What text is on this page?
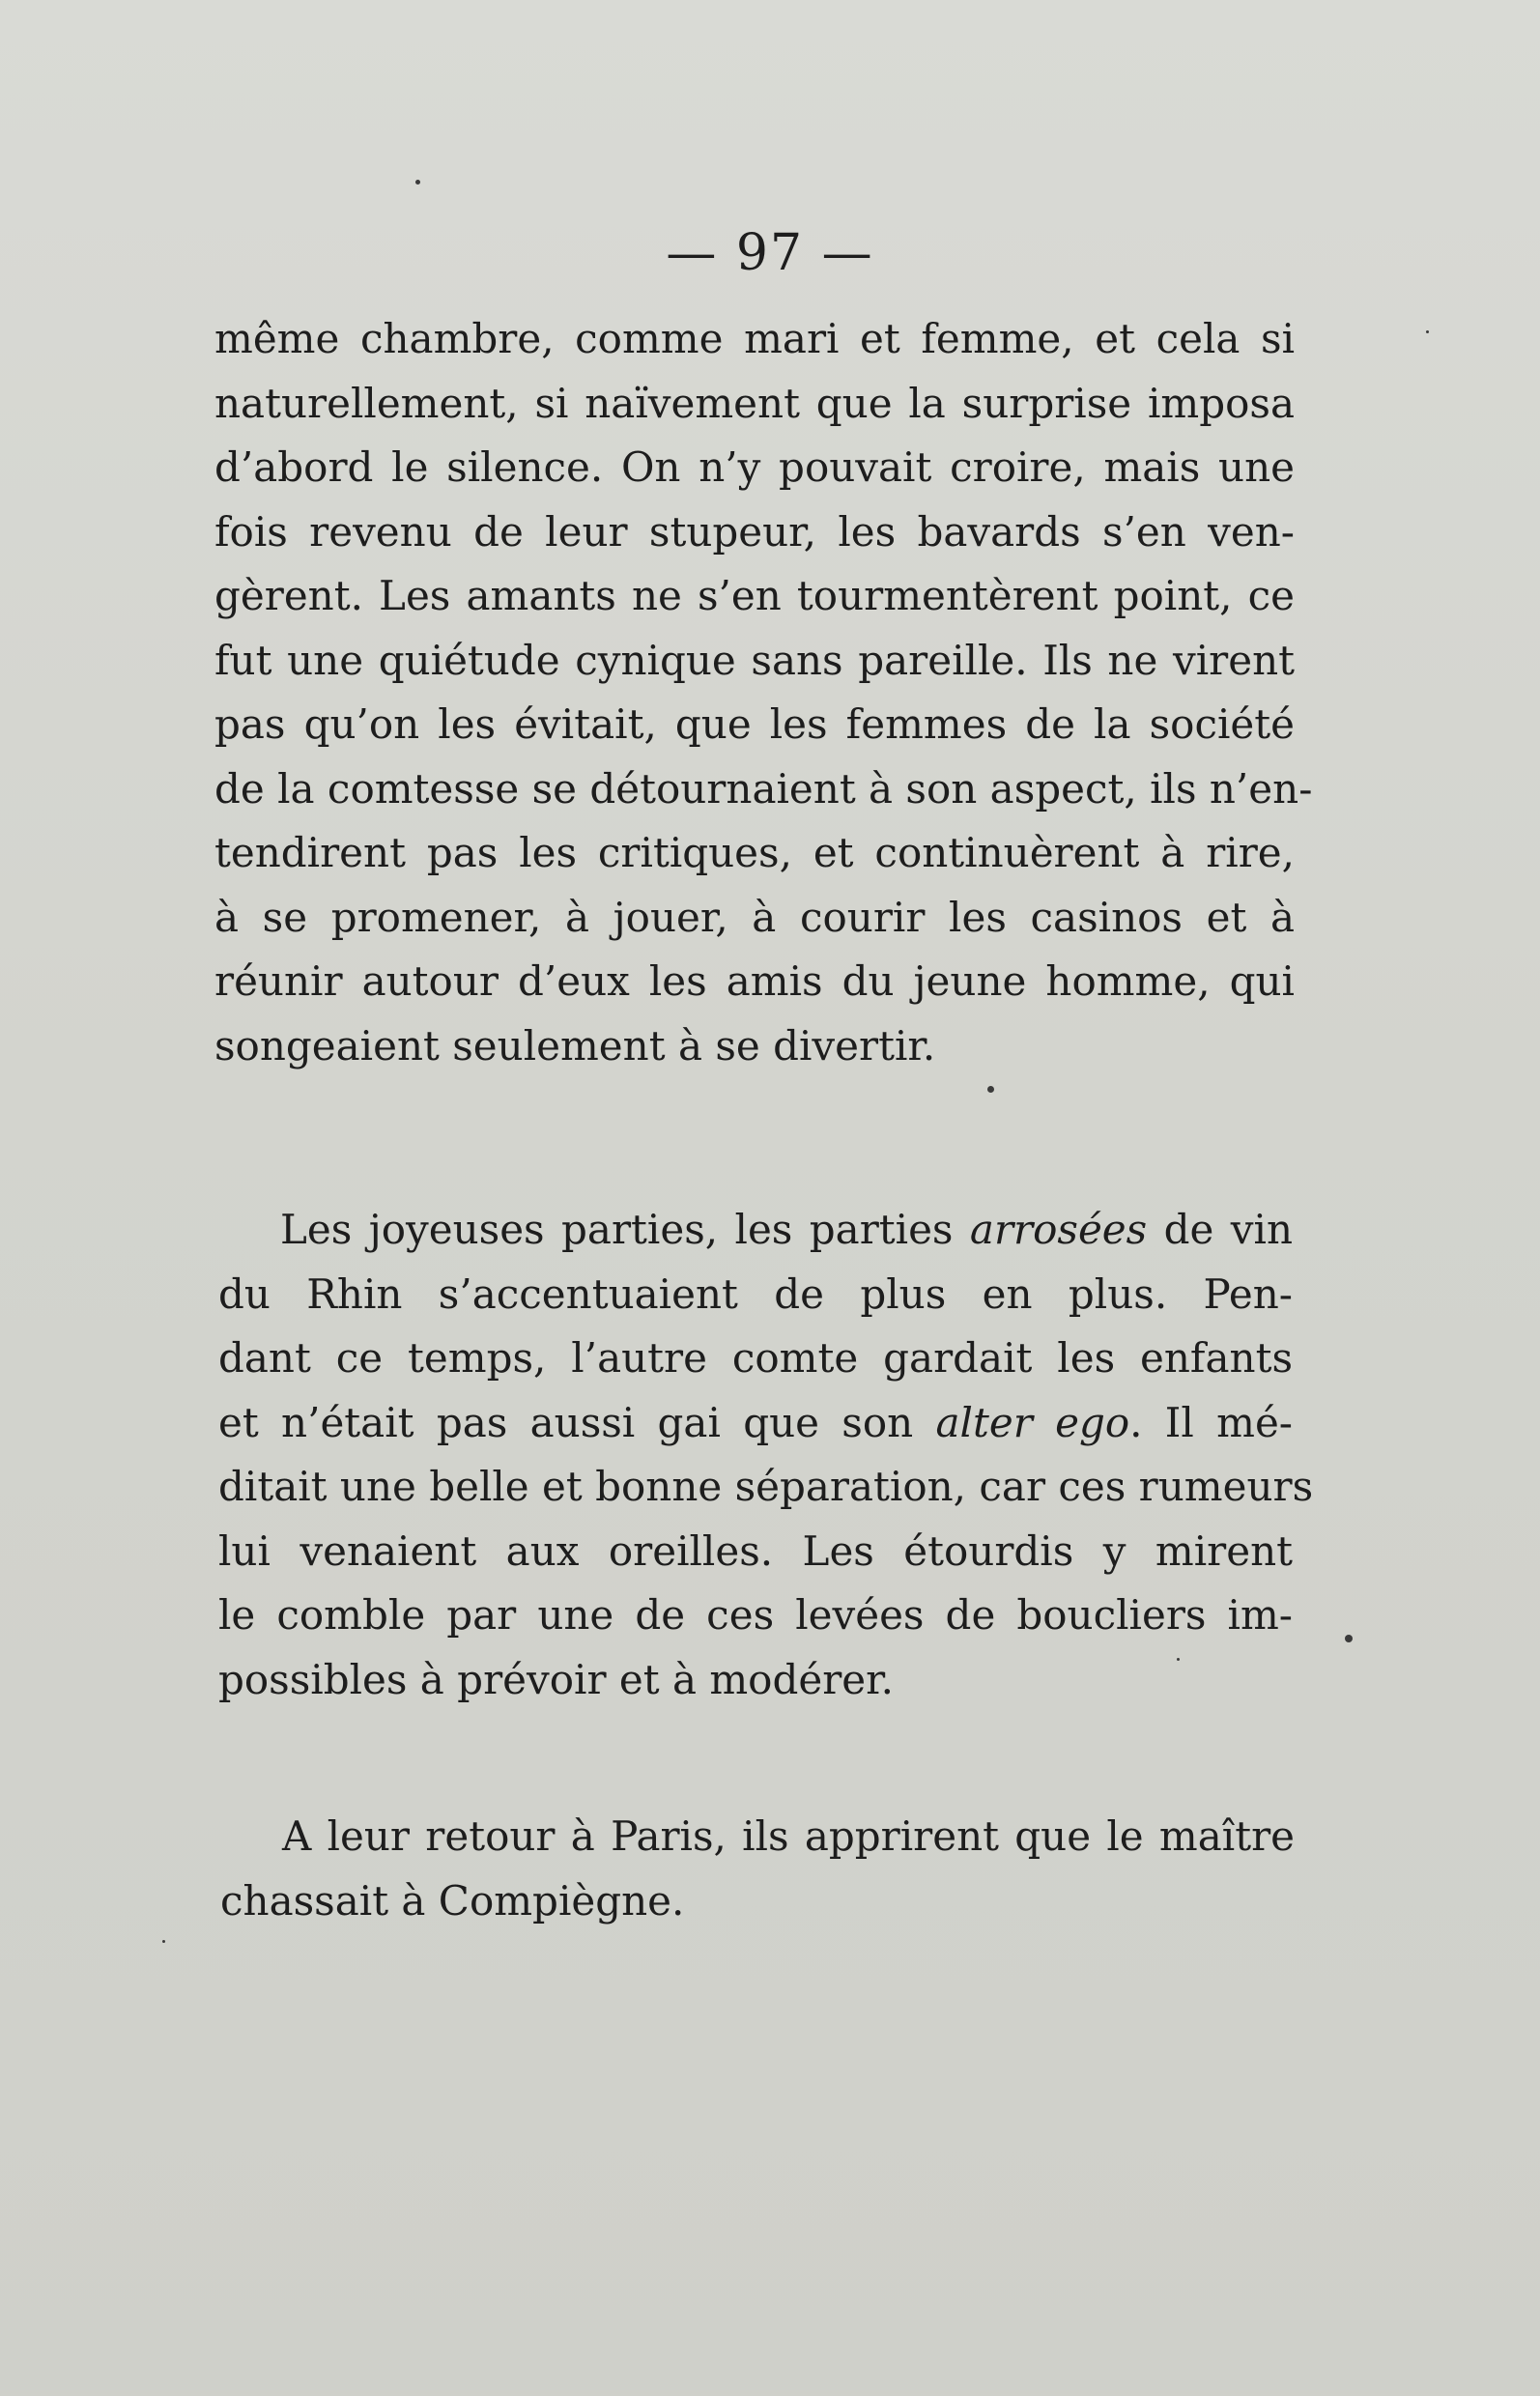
— 97 —
même chambre, comme mari et femme, et cela si
naturellement, si naïvement que la surprise imposa
d’abord le silence. On n’y pouvait croire, mais une
fois revenu de leur stupeur, les bavards s’en ven-
gèrent. Les amants ne s’en tourmentèrent point, ce
fut une quiétude cynique sans pareille. Ils ne virent
pas qu’on les évitait, que les femmes de la société
de la comtesse se détournaient à son aspect, ils n’en-
tendirent pas les critiques, et continuèrent à rire,
à se promener, à jouer, à courir les casinos et à
réunir autour d’eux les amis du jeune homme, qui
songeaient seulement à se divertir.
Les joyeuses parties, les parties arrosées de vin
du Rhin s’accentuaient de plus en plus. Pen-
dant ce temps, l’autre comte gardait les enfants
et n’était pas aussi gai que son alter ego. Il mé-
ditait une belle et bonne séparation, car ces rumeurs
lui venaient aux oreilles. Les étourdis y mirent
le comble par une de ces levées de boucliers im-
possibles à prévoir et à modérer.
A leur retour à Paris, ils apprirent que le maître
chassait à Compiègne.
